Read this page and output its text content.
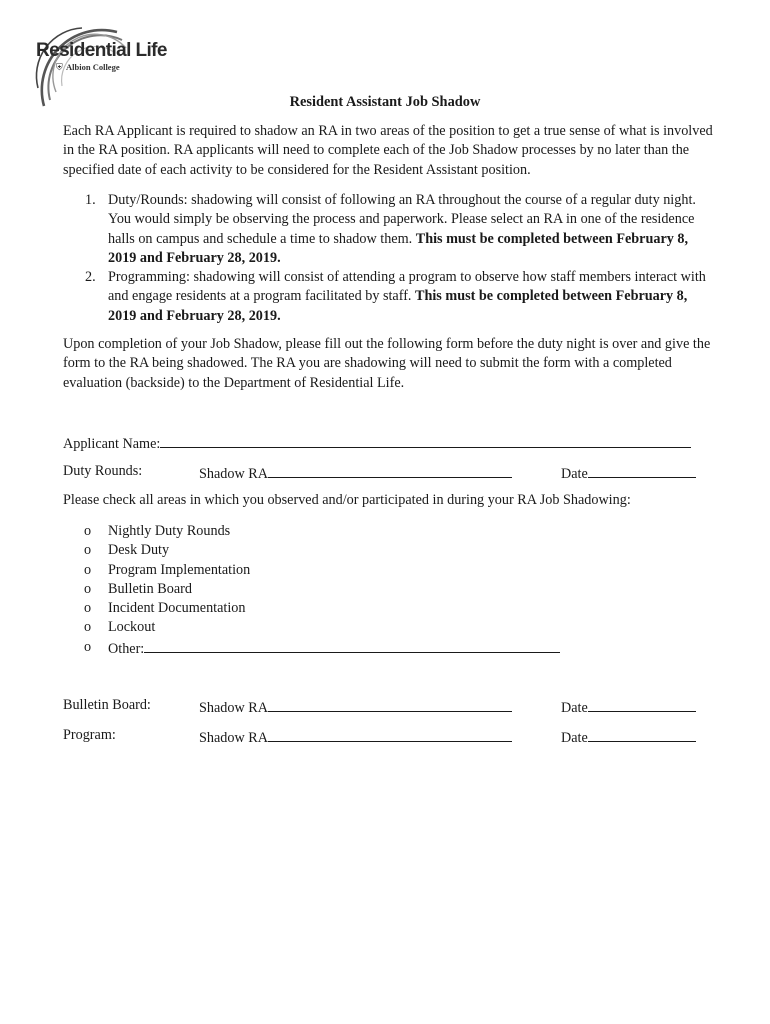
Residential Life
⛨ Albion College
Resident Assistant Job Shadow
Each RA Applicant is required to shadow an RA in two areas of the position to get a true sense of what is involved in the RA position. RA applicants will need to complete each of the Job Shadow processes by no later than the specified date of each activity to be considered for the Resident Assistant position.
1. Duty/Rounds: shadowing will consist of following an RA throughout the course of a regular duty night. You would simply be observing the process and paperwork. Please select an RA in one of the residence halls on campus and schedule a time to shadow them. This must be completed between February 8, 2019 and February 28, 2019.
2. Programming: shadowing will consist of attending a program to observe how staff members interact with and engage residents at a program facilitated by staff. This must be completed between February 8, 2019 and February 28, 2019.
Upon completion of your Job Shadow, please fill out the following form before the duty night is over and give the form to the RA being shadowed. The RA you are shadowing will need to submit the form with a completed evaluation (backside) to the Department of Residential Life.
Applicant Name:
Duty Rounds:	Shadow RA	Date
Please check all areas in which you observed and/or participated in during your RA Job Shadowing:
o Nightly Duty Rounds
o Desk Duty
o Program Implementation
o Bulletin Board
o Incident Documentation
o Lockout
o Other:
Bulletin Board:	Shadow RA	Date
Program:	Shadow RA	Date
